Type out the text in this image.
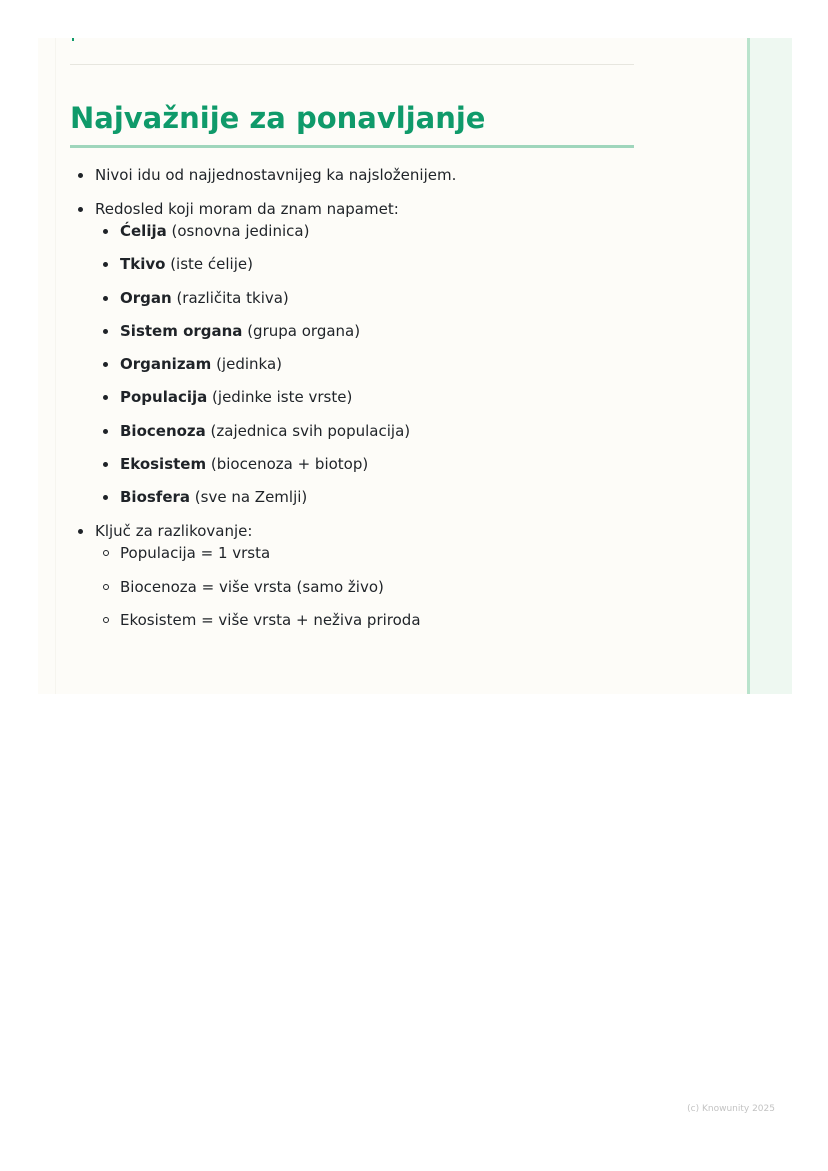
Najvažnije za ponavljanje
Nivoi idu od najjednostavnijeg ka najsloženijem.
Redosled koji moram da znam napamet:
Ćelija (osnovna jedinica)
Tkivo (iste ćelije)
Organ (različita tkiva)
Sistem organa (grupa organa)
Organizam (jedinka)
Populacija (jedinke iste vrste)
Biocenoza (zajednica svih populacija)
Ekosistem (biocenoza + biotop)
Biosfera (sve na Zemlji)
Ključ za razlikovanje:
Populacija = 1 vrsta
Biocenoza = više vrsta (samo živo)
Ekosistem = više vrsta + neživa priroda
(c) Knowunity 2025
